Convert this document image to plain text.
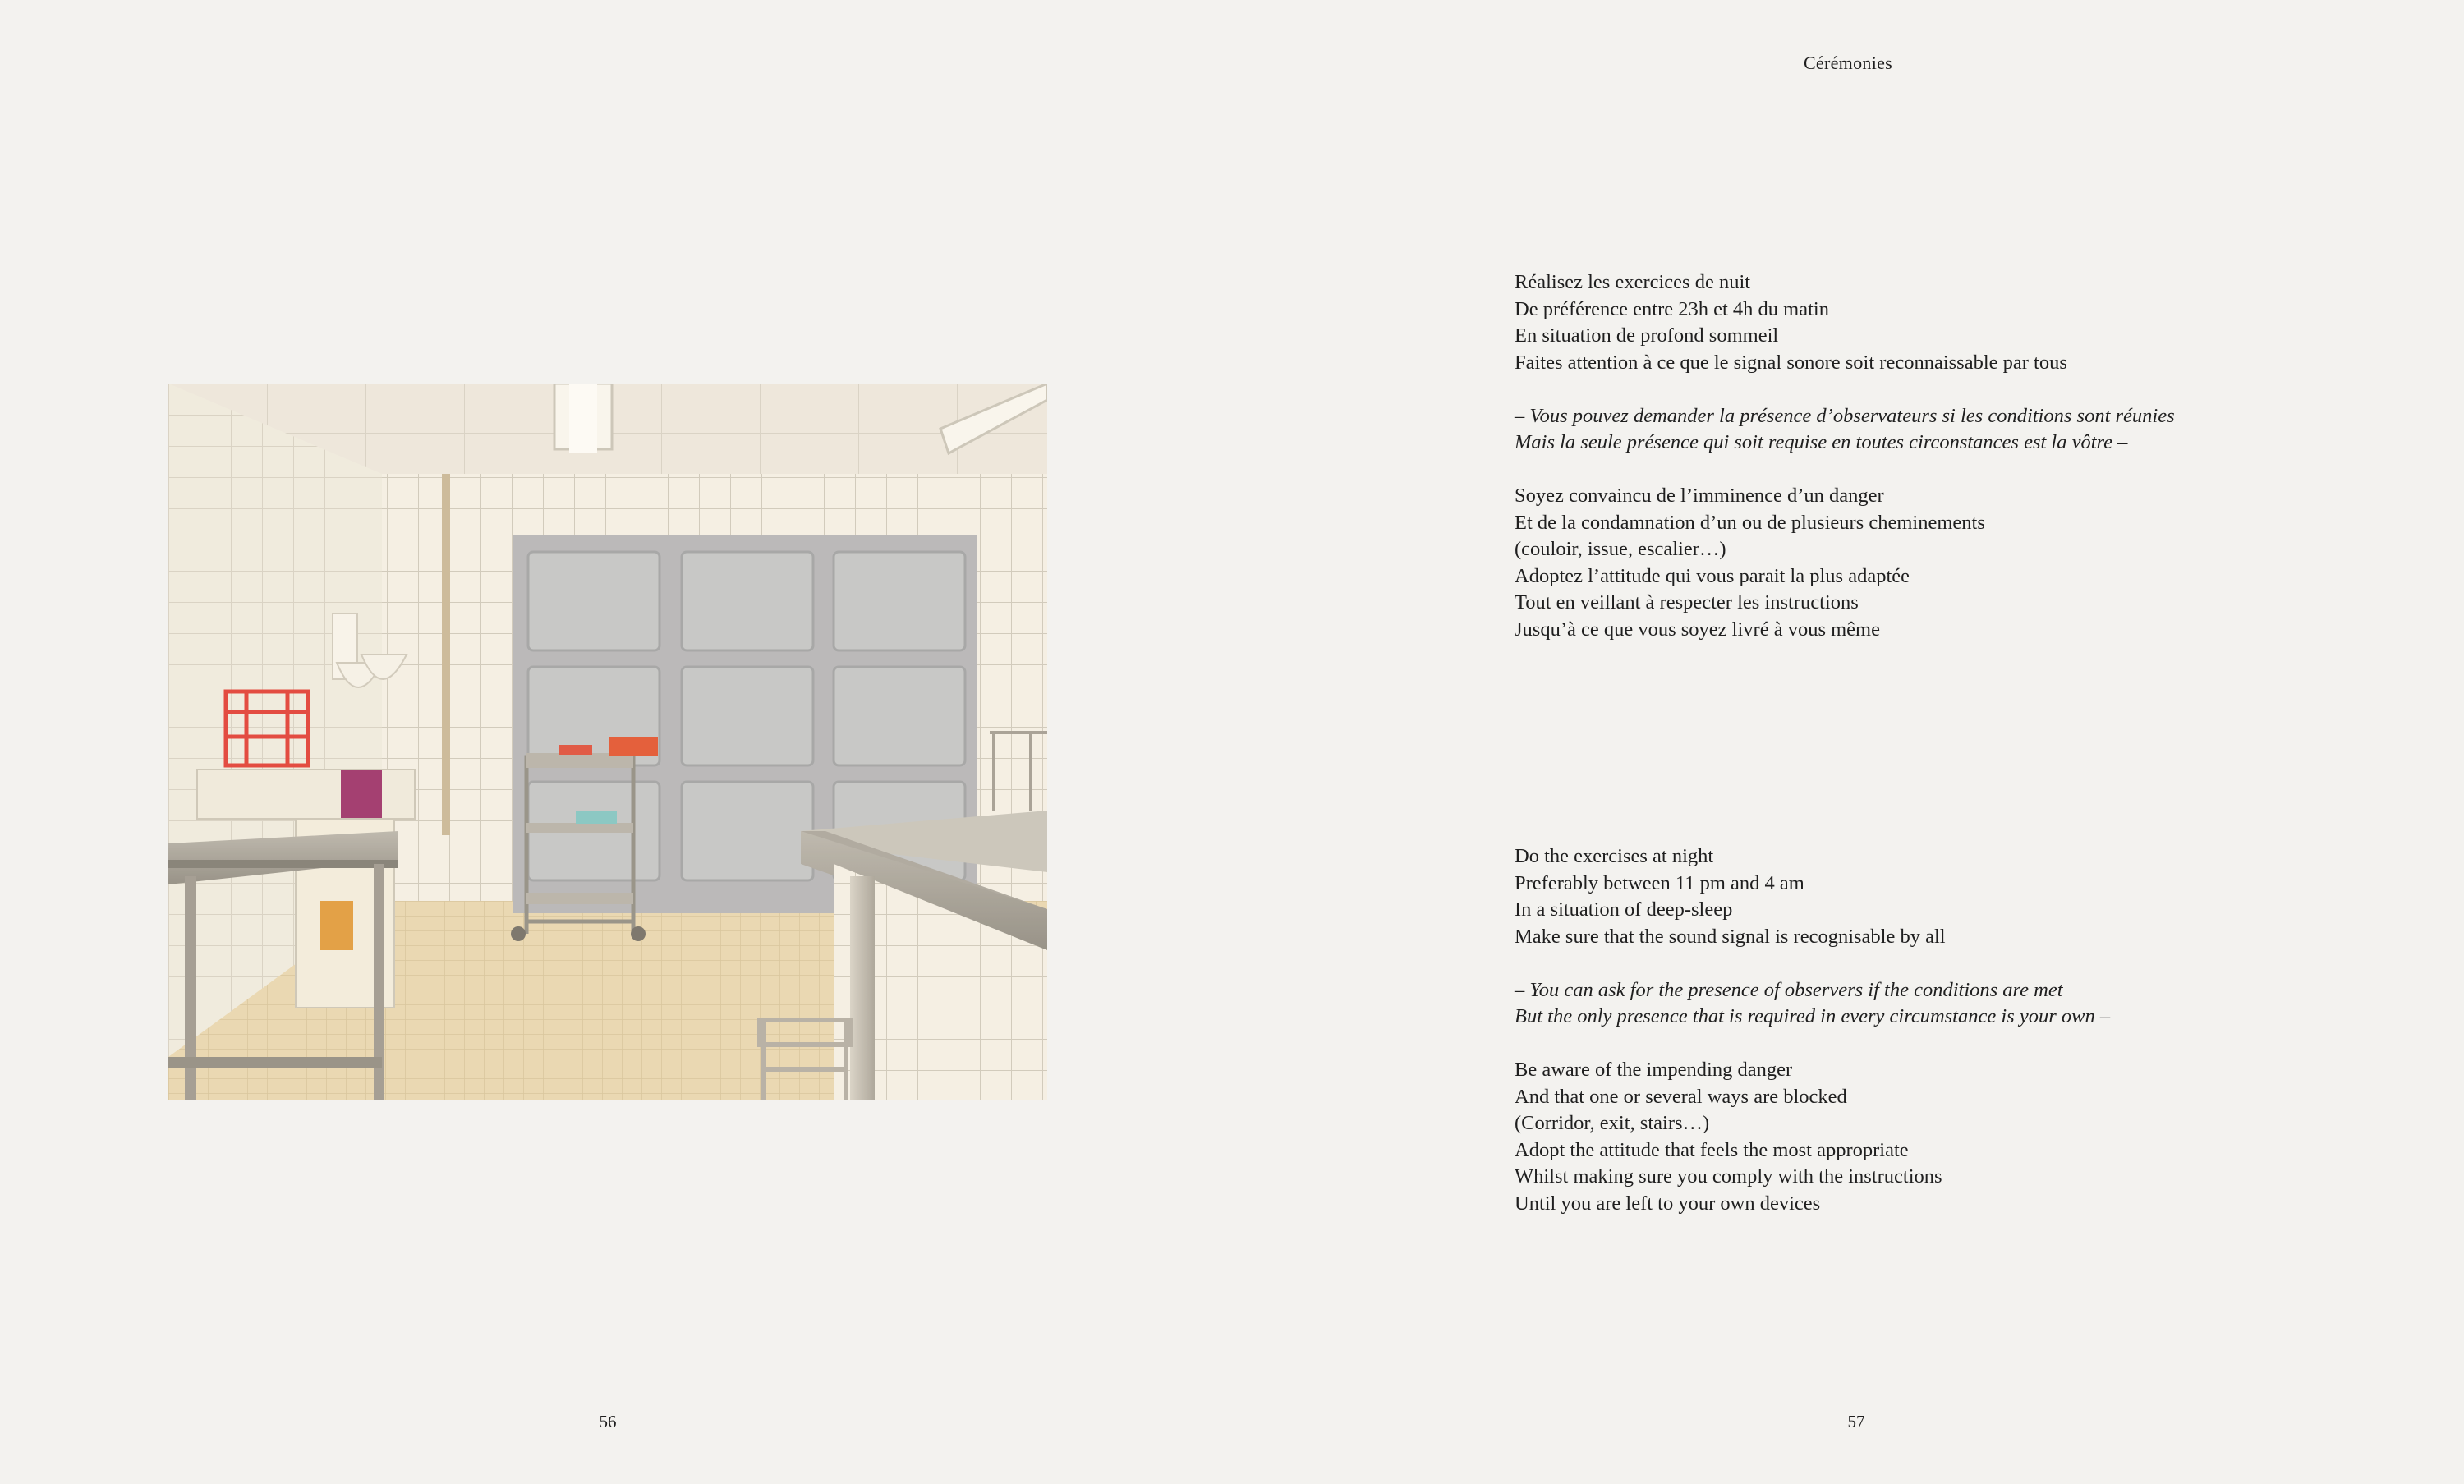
56
Cérémonies
Réalisez les exercices de nuit
De préférence entre 23h et 4h du matin
En situation de profond sommeil
Faites attention à ce que le signal sonore soit reconnaissable par tous
– Vous pouvez demander la présence d’observateurs si les conditions sont réunies
Mais la seule présence qui soit requise en toutes circonstances est la vôtre –
Soyez convaincu de l’imminence d’un danger
Et de la condamnation d’un ou de plusieurs cheminements
(couloir, issue, escalier…)
Adoptez l’attitude qui vous parait la plus adaptée
Tout en veillant à respecter les instructions
Jusqu’à ce que vous soyez livré à vous même
Do the exercises at night
Preferably between 11 pm and 4 am
In a situation of deep-sleep
Make sure that the sound signal is recognisable by all
– You can ask for the presence of observers if the conditions are met
But the only presence that is required in every circumstance is your own –
Be aware of the impending danger
And that one or several ways are blocked
(Corridor, exit, stairs…)
Adopt the attitude that feels the most appropriate
Whilst making sure you comply with the instructions
Until you are left to your own devices
57
